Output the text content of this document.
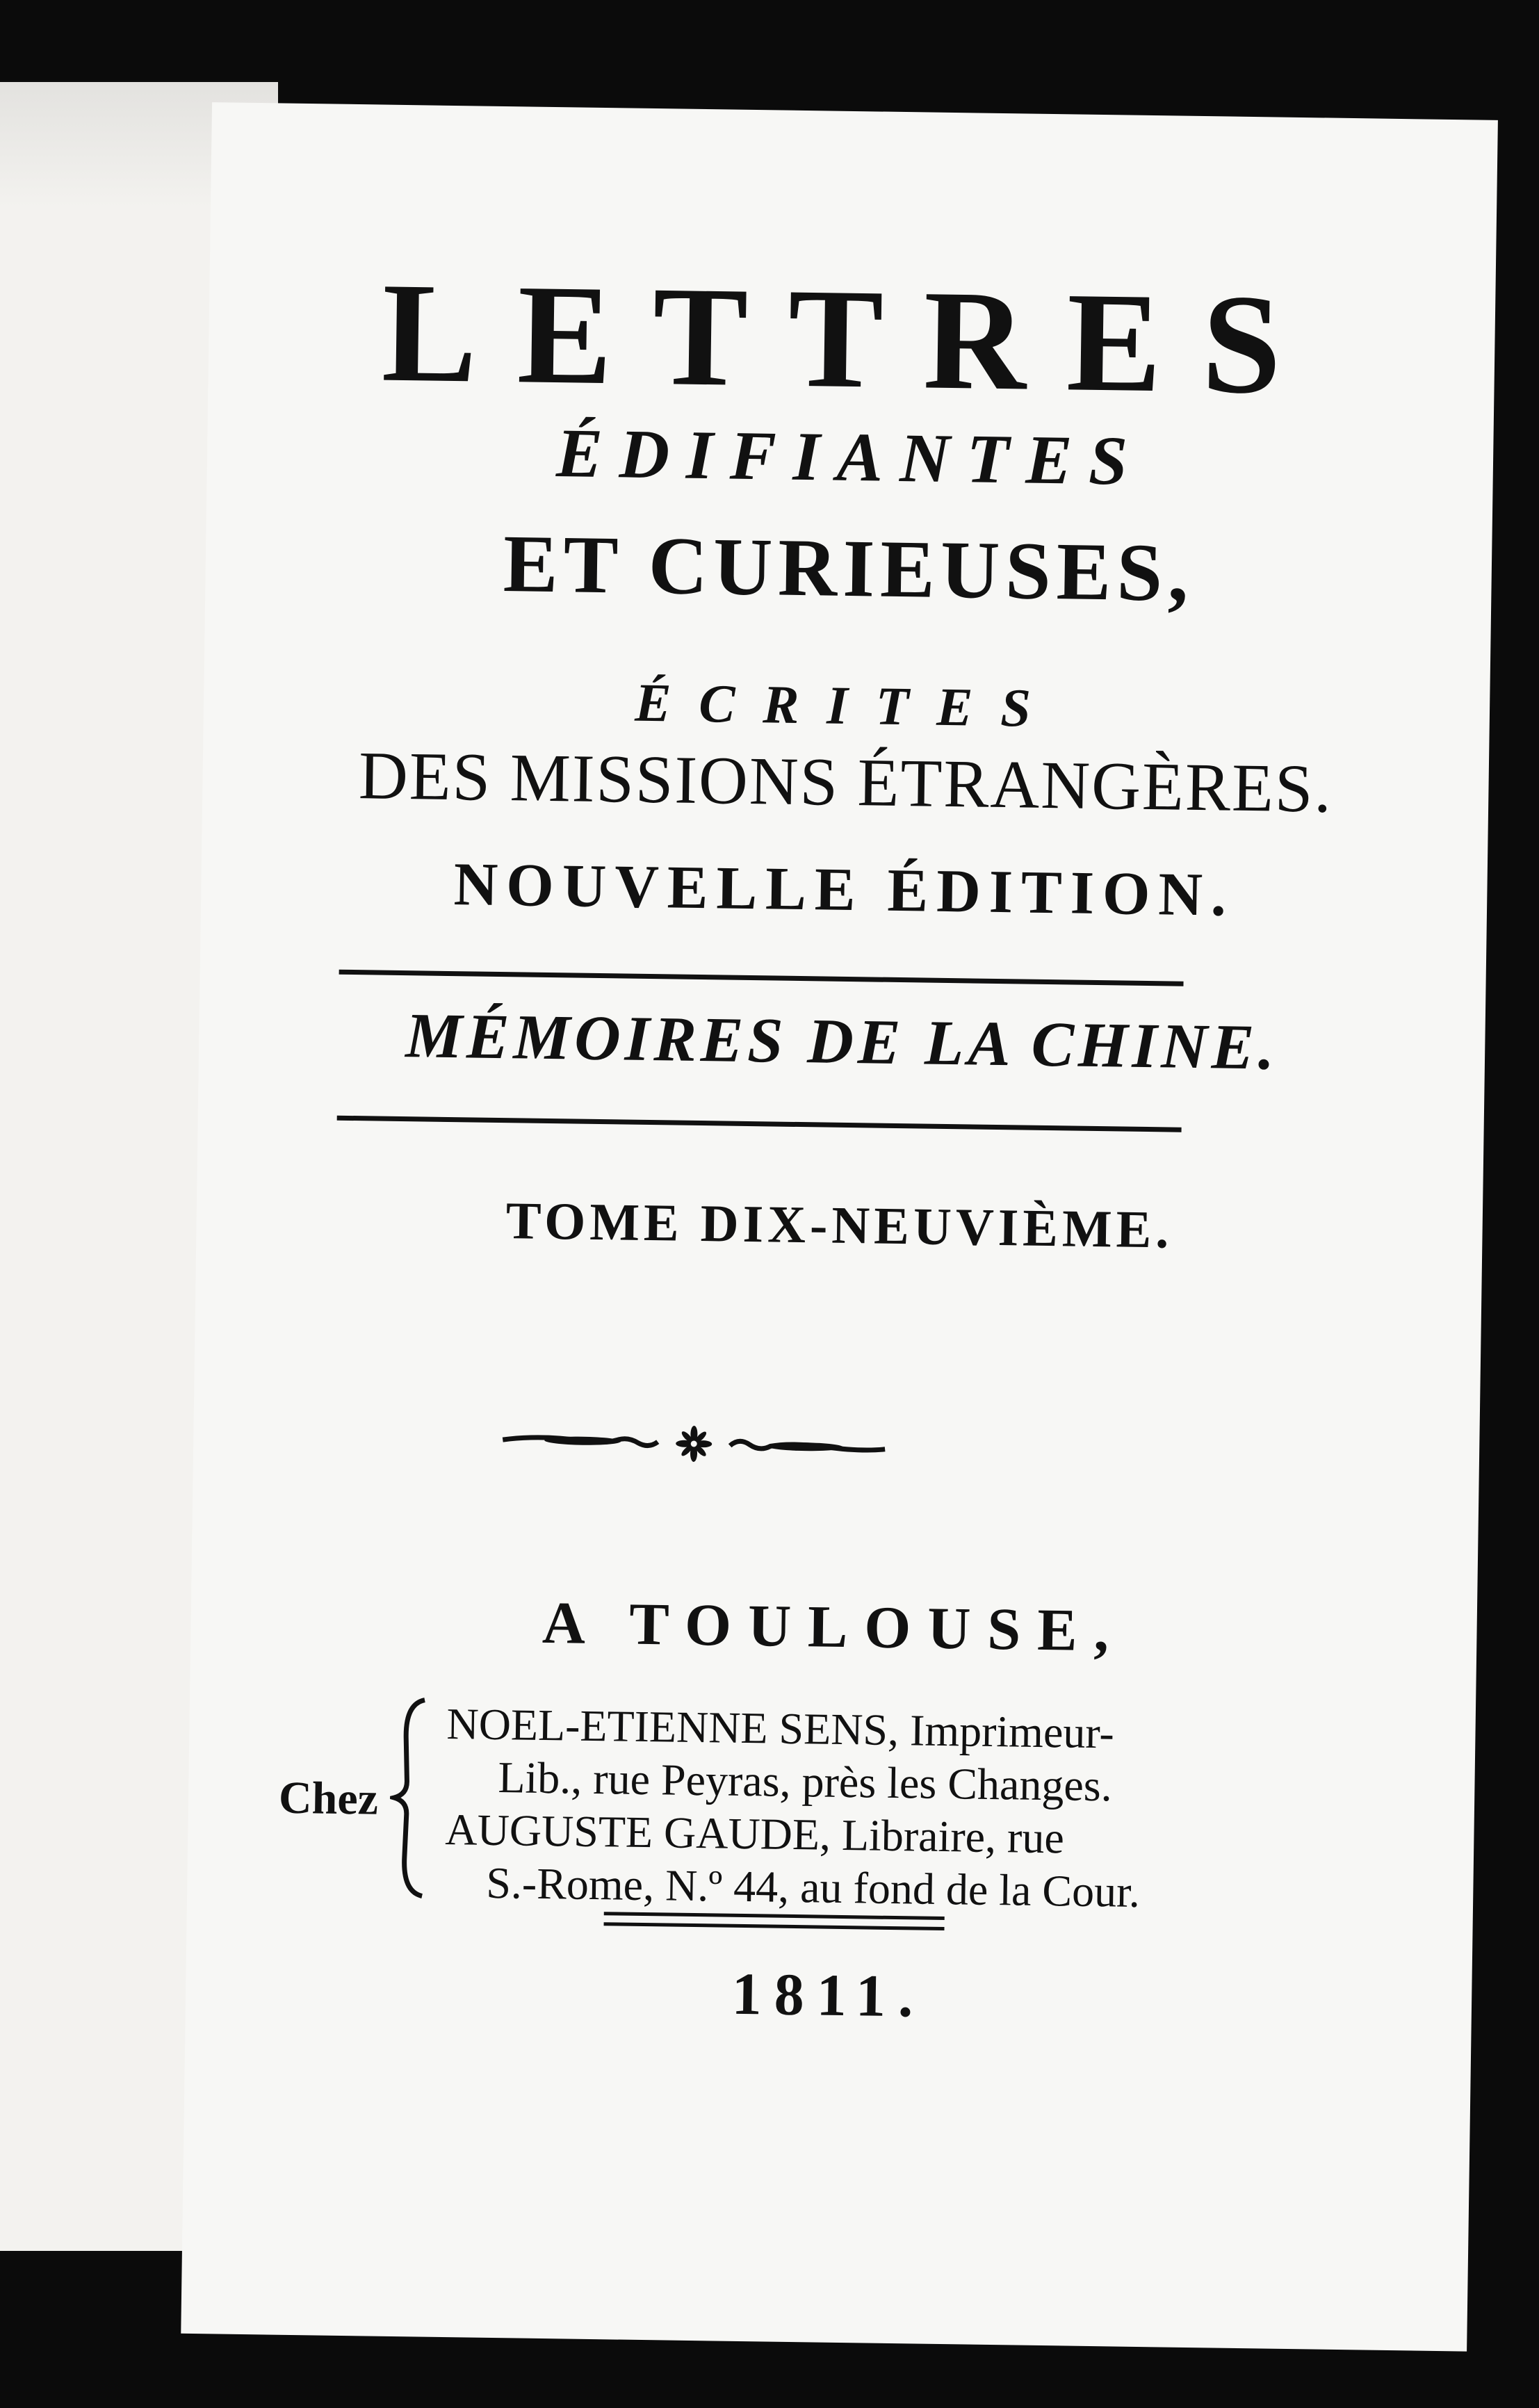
LETTRES
ÉDIFIANTES
ET CURIEUSES,
ÉCRITES
DES MISSIONS ÉTRANGÈRES.
NOUVELLE ÉDITION.
MÉMOIRES DE LA CHINE.
TOME DIX-NEUVIÈME.
A TOULOUSE,
Chez
NOEL-ETIENNE SENS, Imprimeur-
Lib., rue Peyras, près les Changes.
AUGUSTE GAUDE, Libraire, rue
S.-Rome, N.º 44, au fond de la Cour.
1811.
